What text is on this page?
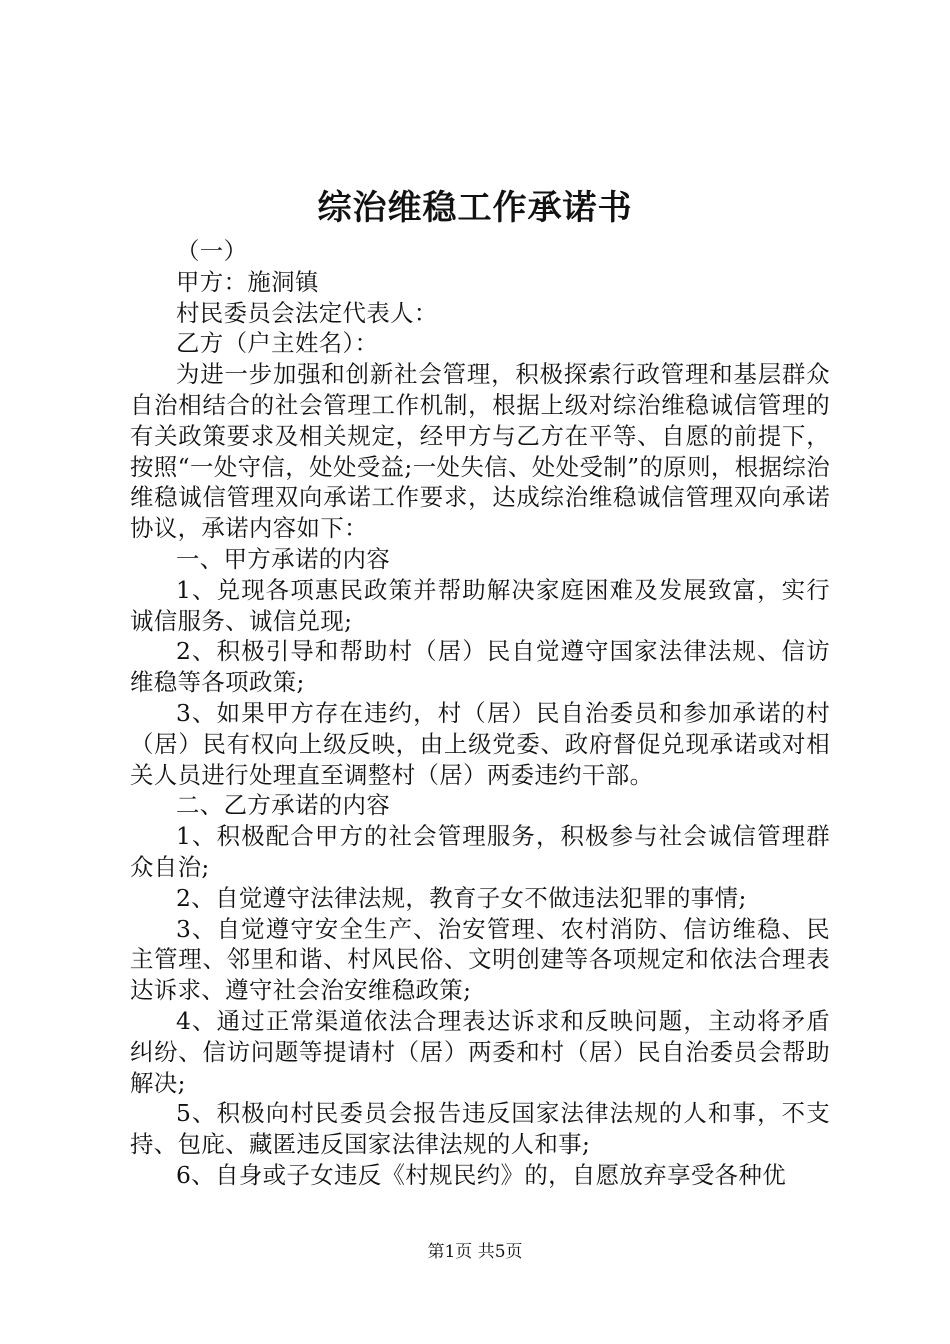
综治维稳工作承诺书

（一）

甲方：施洞镇

村民委员会法定代表人：

乙方（户主姓名）：

为进一步加强和创新社会管理，积极探索行政管理和基层群众自治相结合的社会管理工作机制，根据上级对综治维稳诚信管理的有关政策要求及相关规定，经甲方与乙方在平等、自愿的前提下，按照“一处守信，处处受益;一处失信、处处受制”的原则，根据综治维稳诚信管理双向承诺工作要求，达成综治维稳诚信管理双向承诺协议，承诺内容如下：

一、甲方承诺的内容

1、兑现各项惠民政策并帮助解决家庭困难及发展致富，实行诚信服务、诚信兑现;

2、积极引导和帮助村（居）民自觉遵守国家法律法规、信访维稳等各项政策;

3、如果甲方存在违约，村（居）民自治委员和参加承诺的村（居）民有权向上级反映，由上级党委、政府督促兑现承诺或对相关人员进行处理直至调整村（居）两委违约干部。

二、乙方承诺的内容

1、积极配合甲方的社会管理服务，积极参与社会诚信管理群众自治;

2、自觉遵守法律法规，教育子女不做违法犯罪的事情;

3、自觉遵守安全生产、治安管理、农村消防、信访维稳、民主管理、邻里和谐、村风民俗、文明创建等各项规定和依法合理表达诉求、遵守社会治安维稳政策;

4、通过正常渠道依法合理表达诉求和反映问题，主动将矛盾纠纷、信访问题等提请村（居）两委和村（居）民自治委员会帮助解决;

5、积极向村民委员会报告违反国家法律法规的人和事，不支持、包庇、藏匿违反国家法律法规的人和事;

6、自身或子女违反《村规民约》的，自愿放弃享受各种优

第1页 共5页
